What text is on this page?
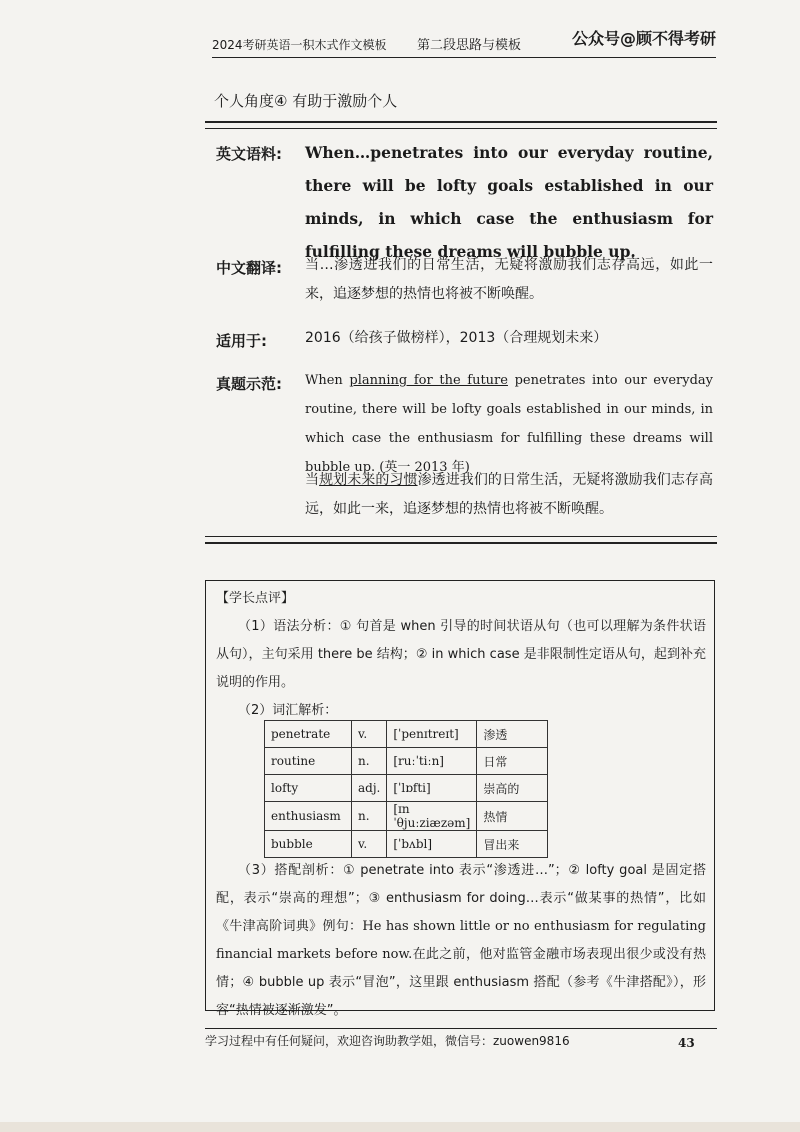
2024考研英语一积木式作文模板 第二段思路与模板	公众号@顾不得考研
个人角度④ 有助于激励个人
英文语料: When…penetrates into our everyday routine, there will be lofty goals established in our minds, in which case the enthusiasm for fulfilling these dreams will bubble up.
中文翻译: 当…渗透进我们的日常生活，无疑将激励我们志存高远，如此一来，追逐梦想的热情也将被不断唤醒。
适用于:	2016（给孩子做榜样），2013（合理规划未来）
真题示范: When planning for the future penetrates into our everyday routine, there will be lofty goals established in our minds, in which case the enthusiasm for fulfilling these dreams will bubble up. (英一 2013 年)
当规划未来的习惯渗透进我们的日常生活，无疑将激励我们志存高远，如此一来，追逐梦想的热情也将被不断唤醒。
【学长点评】
（1）语法分析：① 句首是 when 引导的时间状语从句（也可以理解为条件状语从句），主句采用 there be 结构；② in which case 是非限制性定语从句，起到补充说明的作用。
（2）词汇解析：
penetrate	v.	[ˈpenɪtreɪt]	渗透
routine	n.	[ruːˈtiːn]	日常
lofty	adj.	[ˈlɒfti]	崇高的
enthusiasm	n.	[ɪnˈθjuːziæzəm]	热情
bubble	v.	[ˈbʌbl]	冒出来
（3）搭配剖析：① penetrate into 表示“渗透进…”；② lofty goal 是固定搭配，表示“崇高的理想”；③ enthusiasm for doing…表示“做某事的热情”，比如《牛津高阶词典》例句：He has shown little or no enthusiasm for regulating financial markets before now.在此之前，他对监管金融市场表现出很少或没有热情；④ bubble up 表示“冒泡”，这里跟 enthusiasm 搭配（参考《牛津搭配》），形容“热情被逐渐激发”。
学习过程中有任何疑问，欢迎咨询助教学姐，微信号：zuowen9816	43
